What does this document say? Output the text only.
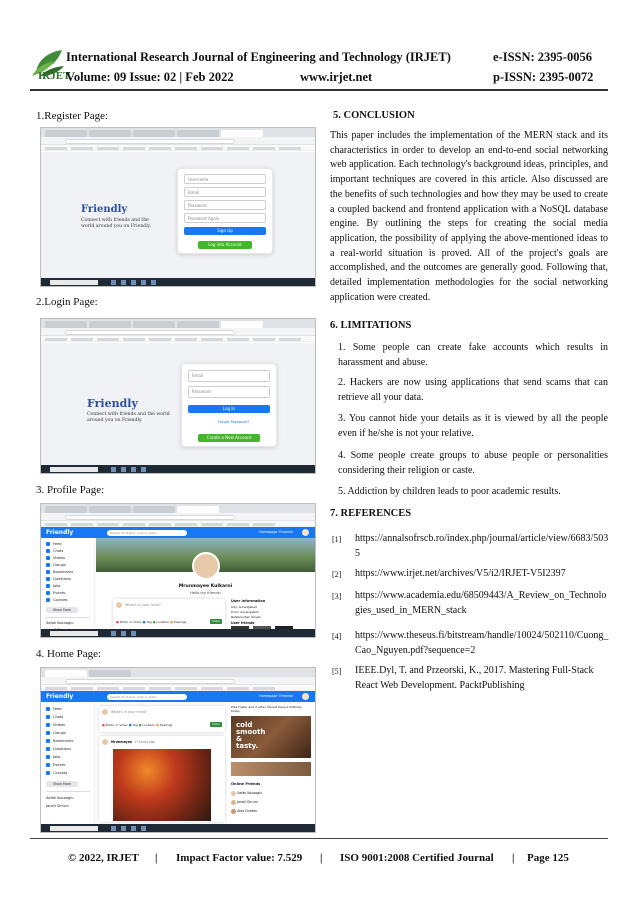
International Research Journal of Engineering and Technology (IRJET)	e-ISSN: 2395-0056
IRJET
Volume: 09 Issue: 02 | Feb 2022	www.irjet.net	p-ISSN: 2395-0072
1.Register Page:
Friendly
Connect with friends and the world around you on Friendly.
Username
Email
Password
Password Again
Sign Up
Log into Account
2.Login Page:
Friendly
Connect with friends and the world around you on Friendly.
Email
Password
Log In
Forgot Password?
Create a New Account
3. Profile Page:
Friendly	Search for friend, post or video	Homepage Timeline
Feed
Chats
Videos
Groups
Bookmarks
Questions
Jobs
Events
Courses
Show More
Safak Kocaoglu
Mrunmayee Kulkarni
Hello my friends!
What's in your mind?
■ Photo or Video ■ Tag ■ Location ■ Feelings	Share
User information
City: Aurangabad
From: Aurangabad
Relationship: Single
User friends
4. Home Page:
Friendly	Search for friend, post or video	Homepage Timeline
Feed
Chats
Videos
Groups
Bookmarks
Questions
Jobs
Events
Courses
Show More
Safak Kocaoglu
Janell Shrum
What's in your mind?
■ Photo or Video ■ Tag ■ Location ■ Feelings	Share
Mrunmayee 17 hours ago
Pola Foster and 3 other friends have a birthday today.
cold smooth & tasty.
Online Friends
Safak Kocaoglu
Janell Shrum
Alex Durden
5. CONCLUSION
This paper includes the implementation of the MERN stack and its characteristics in order to develop an end-to-end social networking web application. Each technology's background ideas, principles, and important techniques are covered in this article. Also discussed are the benefits of such technologies and how they may be used to create a coupled backend and frontend application with a NoSQL database engine. By outlining the steps for creating the social media application, the possibility of applying the above-mentioned ideas to a real-world situation is proved. All of the project's goals are accomplished, and the outcomes are generally good. Following that, detailed implementation methodologies for the social networking application were created.
6. LIMITATIONS
1. Some people can create fake accounts which results in harassment and abuse.
2. Hackers are now using applications that send scams that can retrieve all your data.
3. You cannot hide your details as it is viewed by all the people even if he/she is not your relative.
4. Some people create groups to abuse people or personalities considering their religion or caste.
5. Addiction by children leads to poor academic results.
7. REFERENCES
[1] https://annalsofrscb.ro/index.php/journal/article/view/6683/5035
[2] https://www.irjet.net/archives/V5/i2/IRJET-V5I2397
[3] https://www.academia.edu/68509443/A_Review_on_Technologies_used_in_MERN_stack
[4] https://www.theseus.fi/bitstream/handle/10024/502110/Cuong_Cao_Nguyen.pdf?sequence=2
[5] IEEE.Dyl, T. and Przeorski, K., 2017. Mastering Full-Stack React Web Development. PacktPublishing
© 2022, IRJET | Impact Factor value: 7.529 | ISO 9001:2008 Certified Journal | Page 125
